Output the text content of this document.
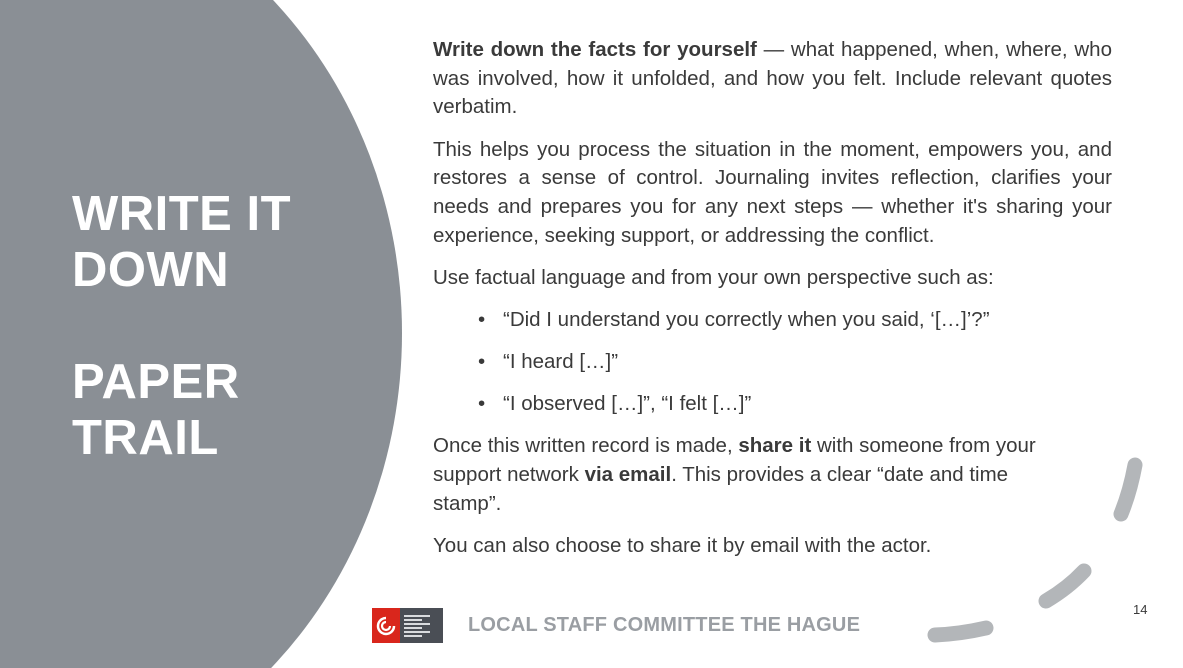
WRITE IT
DOWN
PAPER
TRAIL

Write down the facts for yourself — what happened, when, where, who was involved, how it unfolded, and how you felt. Include relevant quotes verbatim.

This helps you process the situation in the moment, empowers you, and restores a sense of control. Journaling invites reflection, clarifies your needs and prepares you for any next steps — whether it's sharing your experience, seeking support, or addressing the conflict.

Use factual language and from your own perspective such as:

• “Did I understand you correctly when you said, ‘[…]’?”
• “I heard […]”
• “I observed […]”, “I felt […]”

Once this written record is made, share it with someone from your support network via email. This provides a clear “date and time stamp”.

You can also choose to share it by email with the actor.

LOCAL STAFF COMMITTEE THE HAGUE
14
